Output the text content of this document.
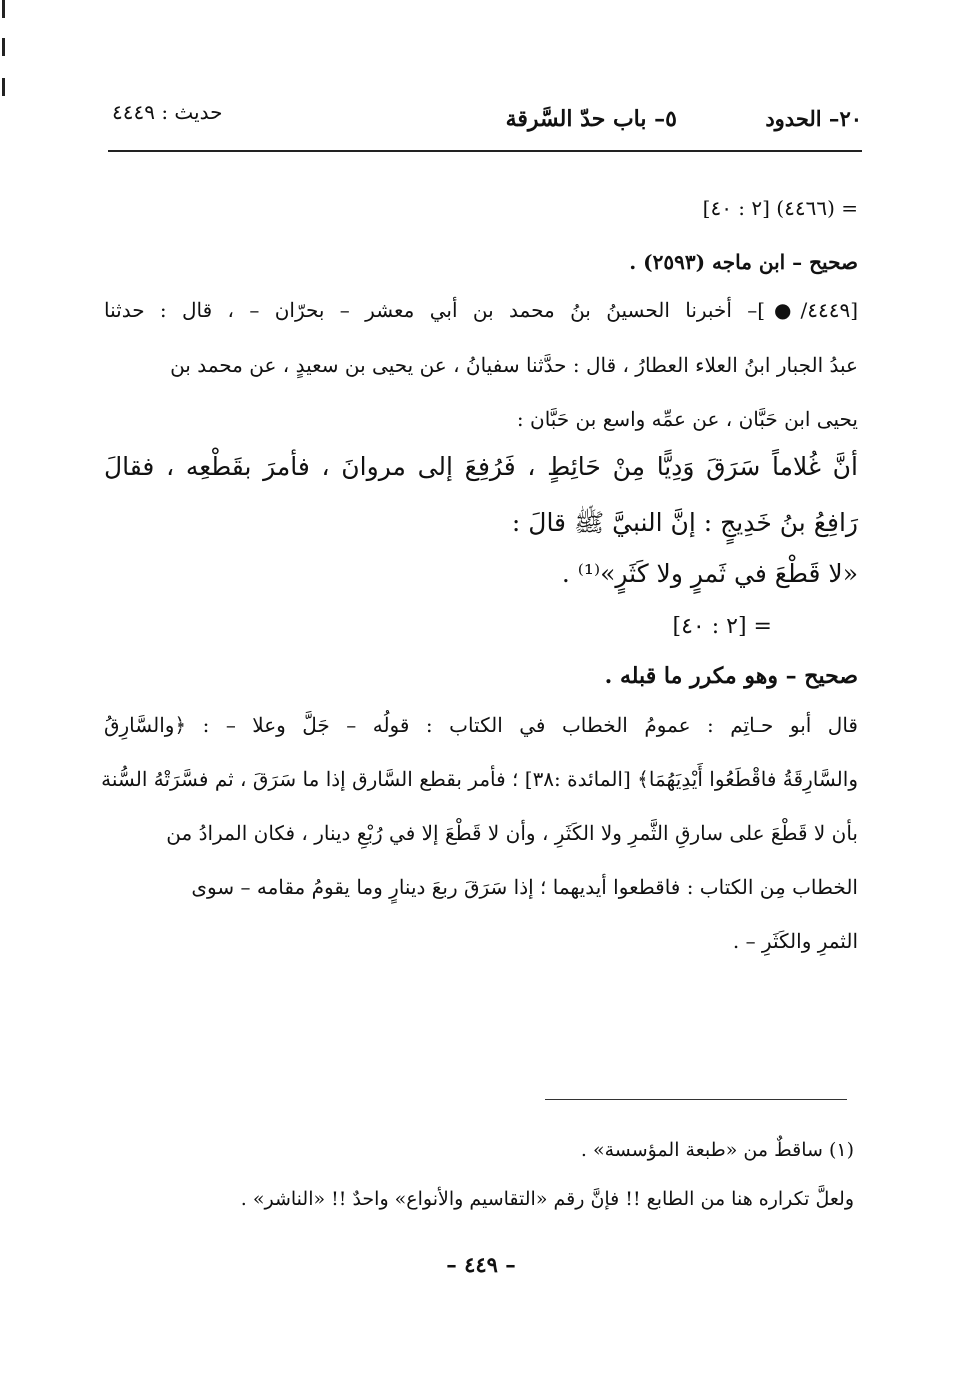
٢٠– الحدود
٥– باب حدّ السَّرقة
حديث : ٤٤٤٩
= (٤٤٦٦) [٢ : ٤٠]
صحيح – ابن ماجه (٢٥٩٣) .
[٤٤٤٩/●]– أخبرنا الحسينُ بنُ محمد بن أبي معشر – بحرّان – ، قال : حدثنا
عبدُ الجبار ابنُ العلاء العطارُ ، قال : حدَّثنا سفيانُ ، عن يحيى بن سعيدٍ ، عن محمد بن
يحيى ابن حَبَّان ، عن عمِّه واسع بن حَبَّان :
أنَّ غُلاماً سَرَقَ وَدِيًّا مِنْ حَائِطٍ ، فَرُفِعَ إلى مروانَ ، فأمرَ بقَطْعِه ، فقالَ
رَافِعُ بنُ خَدِيجٍ : إنَّ النبيَّ ﷺ قالَ :
«لا قَطْعَ في ثَمرٍ ولا كَثَرٍ»⁽¹⁾ .
= [٢ : ٤٠]
صحيح – وهو مكرر ما قبله .
قال أبو حـاتِم : عمومُ الخطاب في الكتاب : قولُه – جَلَّ وعلا – : ﴿والسَّارِقُ
والسَّارِقَةُ فاقْطَعُوا أَيْدِيَهُمَا﴾ [المائدة :٣٨] ؛ فأمر بقطع السَّارق إذا ما سَرَقَ ، ثم فسَّرَتْهُ السُّنة
بأن لا قَطْعَ على سارقِ الثَّمرِ ولا الكَثَرِ ، وأن لا قَطْعَ إلا في رُبْعِ دينار ، فكان المرادُ من
الخطاب مِن الكتاب : فاقطعوا أيديهما ؛ إذا سَرَقَ ربعَ دينارٍ وما يقومُ مقامه – سوى
الثمرِ والكَثَرِ – .
(١) ساقطٌ من «طبعة المؤسسة» .
ولعلَّ تكراره هنا من الطابع !! فإنَّ رقم «التقاسيم والأنواع» واحدٌ !! «الناشر» .
– ٤٤٩ –
